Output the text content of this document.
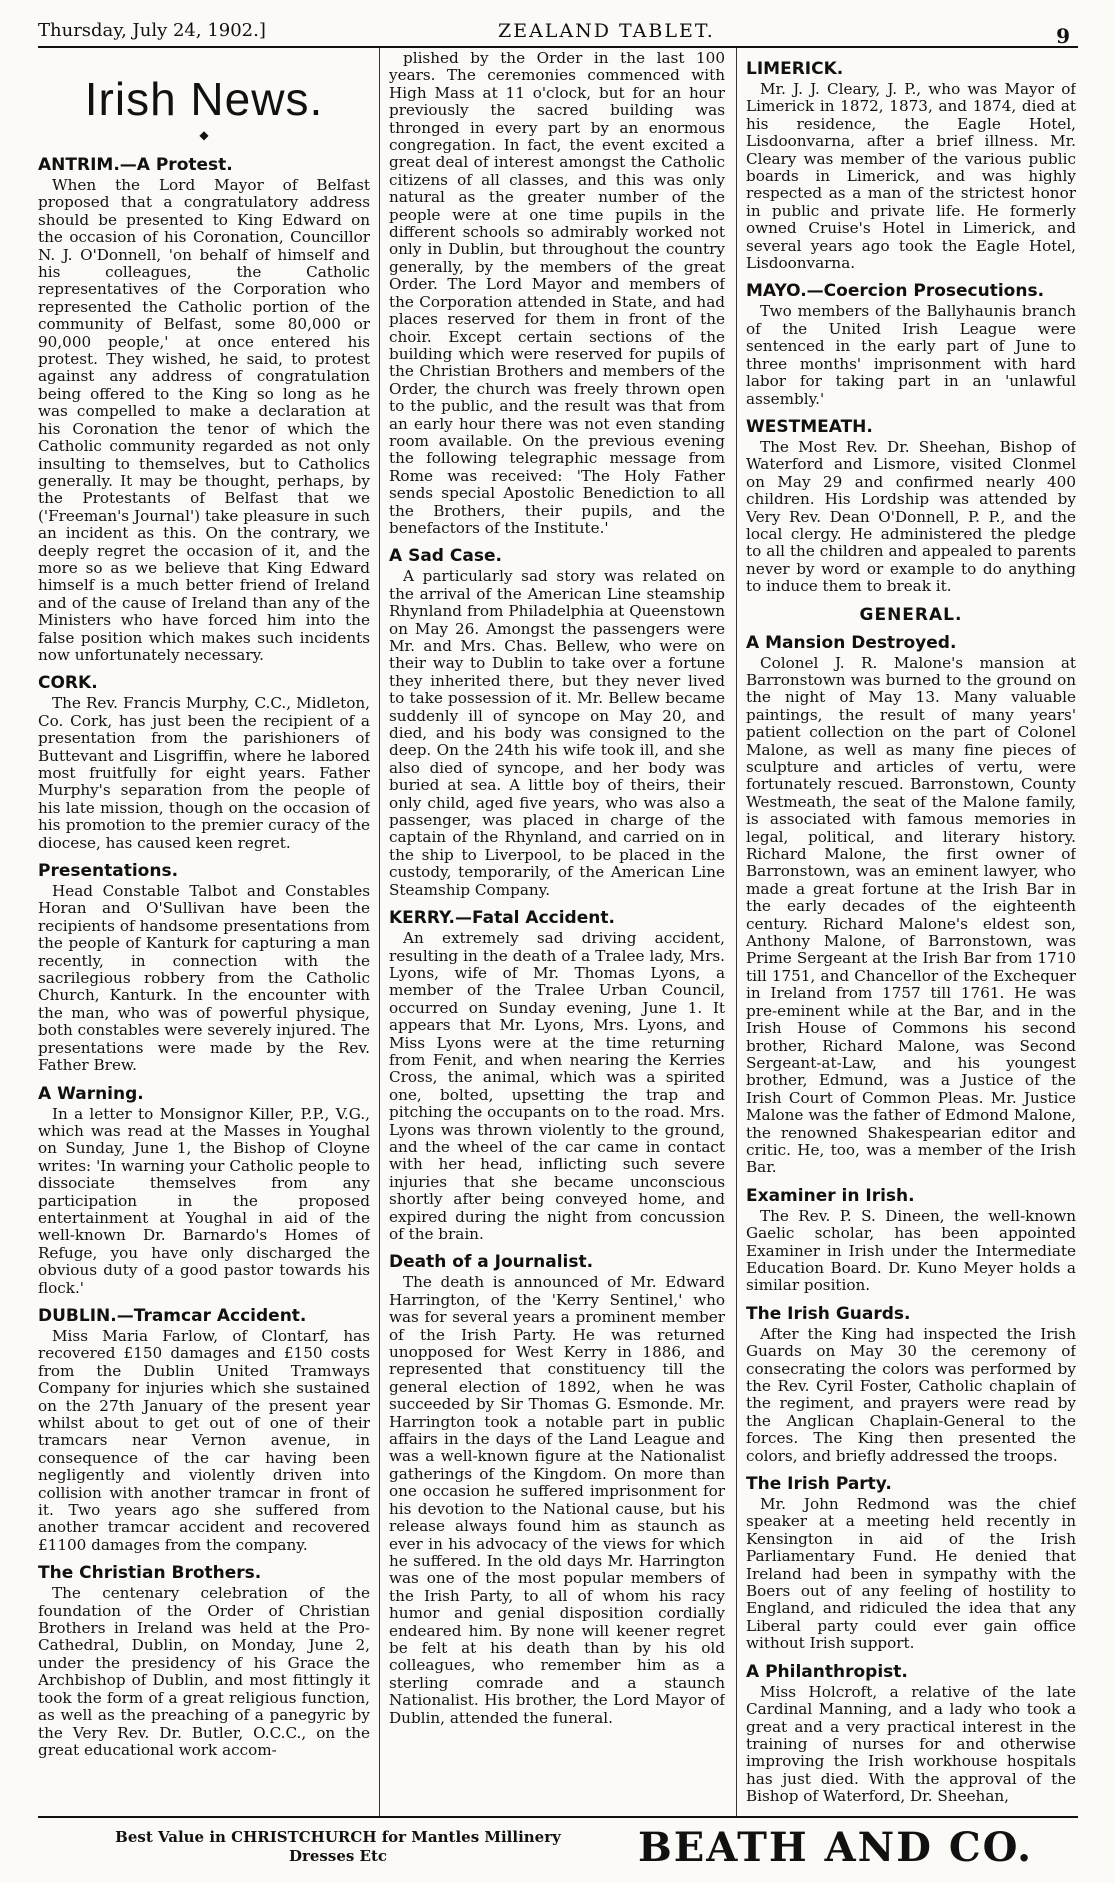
Thursday, July 24, 1902.]	ZEALAND TABLET.	9
Irish News.
◆
ANTRIM.—A Protest.

When the Lord Mayor of Belfast proposed that a congratulatory address should be presented to King Edward on the occasion of his Coronation, Councillor N. J. O'Donnell, 'on behalf of himself and his colleagues, the Catholic representatives of the Corporation who represented the Catholic portion of the community of Belfast, some 80,000 or 90,000 people,' at once entered his protest. They wished, he said, to protest against any address of congratulation being offered to the King so long as he was compelled to make a declaration at his Coronation the tenor of which the Catholic community regarded as not only insulting to themselves, but to Catholics generally. It may be thought, perhaps, by the Protestants of Belfast that we ('Freeman's Journal') take pleasure in such an incident as this. On the contrary, we deeply regret the occasion of it, and the more so as we believe that King Edward himself is a much better friend of Ireland and of the cause of Ireland than any of the Ministers who have forced him into the false position which makes such incidents now unfortunately necessary.

CORK.

The Rev. Francis Murphy, C.C., Midleton, Co. Cork, has just been the recipient of a presentation from the parishioners of Buttevant and Lisgriffin, where he labored most fruitfully for eight years. Father Murphy's separation from the people of his late mission, though on the occasion of his promotion to the premier curacy of the diocese, has caused keen regret.

Presentations.

Head Constable Talbot and Constables Horan and O'Sullivan have been the recipients of handsome presentations from the people of Kanturk for capturing a man recently, in connection with the sacrilegious robbery from the Catholic Church, Kanturk. In the encounter with the man, who was of powerful physique, both constables were severely injured. The presentations were made by the Rev. Father Brew.

A Warning.

In a letter to Monsignor Killer, P.P., V.G., which was read at the Masses in Youghal on Sunday, June 1, the Bishop of Cloyne writes: 'In warning your Catholic people to dissociate themselves from any participation in the proposed entertainment at Youghal in aid of the well-known Dr. Barnardo's Homes of Refuge, you have only discharged the obvious duty of a good pastor towards his flock.'

DUBLIN.—Tramcar Accident.

Miss Maria Farlow, of Clontarf, has recovered £150 damages and £150 costs from the Dublin United Tramways Company for injuries which she sustained on the 27th January of the present year whilst about to get out of one of their tramcars near Vernon avenue, in consequence of the car having been negligently and violently driven into collision with another tramcar in front of it. Two years ago she suffered from another tramcar accident and recovered £1100 damages from the company.

The Christian Brothers.

The centenary celebration of the foundation of the Order of Christian Brothers in Ireland was held at the Pro-Cathedral, Dublin, on Monday, June 2, under the presidency of his Grace the Archbishop of Dublin, and most fittingly it took the form of a great religious function, as well as the preaching of a panegyric by the Very Rev. Dr. Butler, O.C.C., on the great educational work accom-

plished by the Order in the last 100 years. The ceremonies commenced with High Mass at 11 o'clock, but for an hour previously the sacred building was thronged in every part by an enormous congregation. In fact, the event excited a great deal of interest amongst the Catholic citizens of all classes, and this was only natural as the greater number of the people were at one time pupils in the different schools so admirably worked not only in Dublin, but throughout the country generally, by the members of the great Order. The Lord Mayor and members of the Corporation attended in State, and had places reserved for them in front of the choir. Except certain sections of the building which were reserved for pupils of the Christian Brothers and members of the Order, the church was freely thrown open to the public, and the result was that from an early hour there was not even standing room available. On the previous evening the following telegraphic message from Rome was received: 'The Holy Father sends special Apostolic Benediction to all the Brothers, their pupils, and the benefactors of the Institute.'

A Sad Case.

A particularly sad story was related on the arrival of the American Line steamship Rhynland from Philadelphia at Queenstown on May 26. Amongst the passengers were Mr. and Mrs. Chas. Bellew, who were on their way to Dublin to take over a fortune they inherited there, but they never lived to take possession of it. Mr. Bellew became suddenly ill of syncope on May 20, and died, and his body was consigned to the deep. On the 24th his wife took ill, and she also died of syncope, and her body was buried at sea. A little boy of theirs, their only child, aged five years, who was also a passenger, was placed in charge of the captain of the Rhynland, and carried on in the ship to Liverpool, to be placed in the custody, temporarily, of the American Line Steamship Company.

KERRY.—Fatal Accident.

An extremely sad driving accident, resulting in the death of a Tralee lady, Mrs. Lyons, wife of Mr. Thomas Lyons, a member of the Tralee Urban Council, occurred on Sunday evening, June 1. It appears that Mr. Lyons, Mrs. Lyons, and Miss Lyons were at the time returning from Fenit, and when nearing the Kerries Cross, the animal, which was a spirited one, bolted, upsetting the trap and pitching the occupants on to the road. Mrs. Lyons was thrown violently to the ground, and the wheel of the car came in contact with her head, inflicting such severe injuries that she became unconscious shortly after being conveyed home, and expired during the night from concussion of the brain.

Death of a Journalist.

The death is announced of Mr. Edward Harrington, of the 'Kerry Sentinel,' who was for several years a prominent member of the Irish Party. He was returned unopposed for West Kerry in 1886, and represented that constituency till the general election of 1892, when he was succeeded by Sir Thomas G. Esmonde. Mr. Harrington took a notable part in public affairs in the days of the Land League and was a well-known figure at the Nationalist gatherings of the Kingdom. On more than one occasion he suffered imprisonment for his devotion to the National cause, but his release always found him as staunch as ever in his advocacy of the views for which he suffered. In the old days Mr. Harrington was one of the most popular members of the Irish Party, to all of whom his racy humor and genial disposition cordially endeared him. By none will keener regret be felt at his death than by his old colleagues, who remember him as a sterling comrade and a staunch Nationalist. His brother, the Lord Mayor of Dublin, attended the funeral.

LIMERICK.

Mr. J. J. Cleary, J. P., who was Mayor of Limerick in 1872, 1873, and 1874, died at his residence, the Eagle Hotel, Lisdoonvarna, after a brief illness. Mr. Cleary was member of the various public boards in Limerick, and was highly respected as a man of the strictest honor in public and private life. He formerly owned Cruise's Hotel in Limerick, and several years ago took the Eagle Hotel, Lisdoonvarna.

MAYO.—Coercion Prosecutions.

Two members of the Ballyhaunis branch of the United Irish League were sentenced in the early part of June to three months' imprisonment with hard labor for taking part in an 'unlawful assembly.'

WESTMEATH.

The Most Rev. Dr. Sheehan, Bishop of Waterford and Lismore, visited Clonmel on May 29 and confirmed nearly 400 children. His Lordship was attended by Very Rev. Dean O'Donnell, P. P., and the local clergy. He administered the pledge to all the children and appealed to parents never by word or example to do anything to induce them to break it.

GENERAL.
A Mansion Destroyed.

Colonel J. R. Malone's mansion at Barronstown was burned to the ground on the night of May 13. Many valuable paintings, the result of many years' patient collection on the part of Colonel Malone, as well as many fine pieces of sculpture and articles of vertu, were fortunately rescued. Barronstown, County Westmeath, the seat of the Malone family, is associated with famous memories in legal, political, and literary history. Richard Malone, the first owner of Barronstown, was an eminent lawyer, who made a great fortune at the Irish Bar in the early decades of the eighteenth century. Richard Malone's eldest son, Anthony Malone, of Barronstown, was Prime Sergeant at the Irish Bar from 1710 till 1751, and Chancellor of the Exchequer in Ireland from 1757 till 1761. He was pre-eminent while at the Bar, and in the Irish House of Commons his second brother, Richard Malone, was Second Sergeant-at-Law, and his youngest brother, Edmund, was a Justice of the Irish Court of Common Pleas. Mr. Justice Malone was the father of Edmond Malone, the renowned Shakespearian editor and critic. He, too, was a member of the Irish Bar.

Examiner in Irish.

The Rev. P. S. Dineen, the well-known Gaelic scholar, has been appointed Examiner in Irish under the Intermediate Education Board. Dr. Kuno Meyer holds a similar position.

The Irish Guards.

After the King had inspected the Irish Guards on May 30 the ceremony of consecrating the colors was performed by the Rev. Cyril Foster, Catholic chaplain of the regiment, and prayers were read by the Anglican Chaplain-General to the forces. The King then presented the colors, and briefly addressed the troops.

The Irish Party.

Mr. John Redmond was the chief speaker at a meeting held recently in Kensington in aid of the Irish Parliamentary Fund. He denied that Ireland had been in sympathy with the Boers out of any feeling of hostility to England, and ridiculed the idea that any Liberal party could ever gain office without Irish support.

A Philanthropist.

Miss Holcroft, a relative of the late Cardinal Manning, and a lady who took a great and a very practical interest in the training of nurses for and otherwise improving the Irish workhouse hospitals has just died. With the approval of the Bishop of Waterford, Dr. Sheehan,

Best Value in CHRISTCHURCH for Mantles Millinery
Dresses Etc	BEATH AND CO.
